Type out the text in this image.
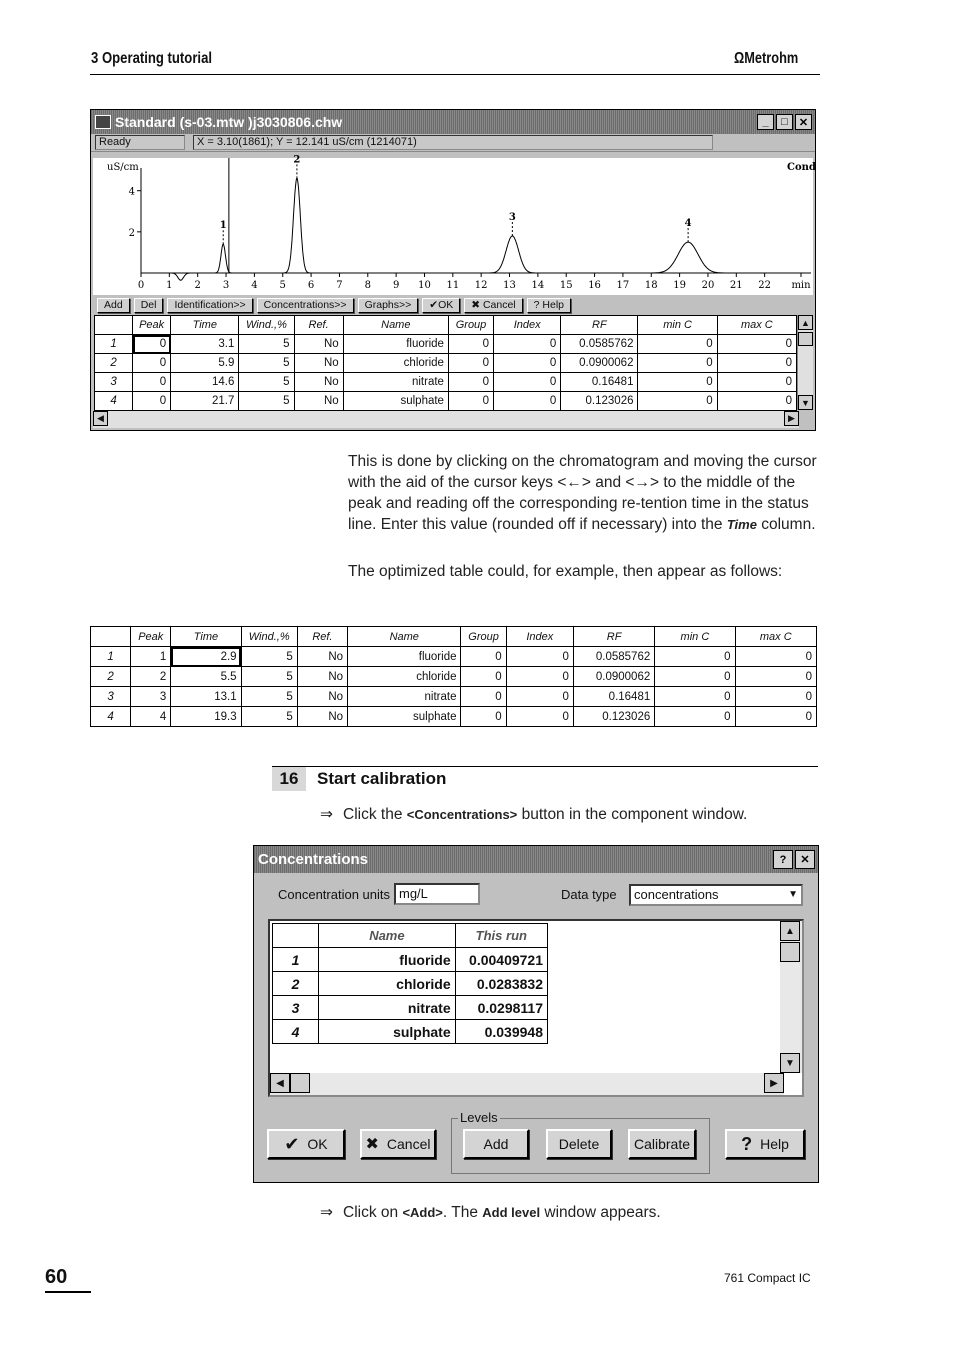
3 Operating tutorial	ΩMetrohm
Standard (s-03.mtw )j3030806.chw	_	□	✕
Ready	X = 3.10(1861); Y = 12.141 uS/cm (1214071)
0 1 2 3 4 5 6 7 8 9 10 11 12 13 14 15 16 17 18 19 20 21 22 min
2
4
uS/cm	Cond
1
2
3
4
Add	Del	Identification>>	Concentrations>>	Graphs>>	✔OK	✖ Cancel	? Help
	Peak	Time	Wind.,%	Ref.	Name	Group	Index	RF	min C	max C
1	0	3.1	5	No	fluoride	0	0	0.0585762	0	0
2	0	5.9	5	No	chloride	0	0	0.0900062	0	0
3	0	14.6	5	No	nitrate	0	0	0.16481	0	0
4	0	21.7	5	No	sulphate	0	0	0.123026	0	0
▲
▼
◀	▶
This is done by clicking on the chromatogram and moving the cursor with the aid of the cursor keys <←> and <→> to the middle of the peak and reading off the corresponding re-tention time in the status line. Enter this value (rounded off if necessary) into the Time column.
The optimized table could, for example, then appear as follows:
	Peak	Time	Wind.,%	Ref.	Name	Group	Index	RF	min C	max C
1	1	2.9	5	No	fluoride	0	0	0.0585762	0	0
2	2	5.5	5	No	chloride	0	0	0.0900062	0	0
3	3	13.1	5	No	nitrate	0	0	0.16481	0	0
4	4	19.3	5	No	sulphate	0	0	0.123026	0	0
16	Start calibration
⇒ Click the <Concentrations> button in the component window.
Concentrations	?	✕
Concentration units mg/L	Data type concentrations	▼
	Name	This run
1	fluoride	0.00409721
2	chloride	0.0283832
3	nitrate	0.0298117
4	sulphate	0.039948
▲
▼
◀	▶
✔ OK ✖ Cancel
Levels
Add	Delete Calibrate	? Help
⇒ Click on <Add>. The Add level window appears.
60	761 Compact IC
